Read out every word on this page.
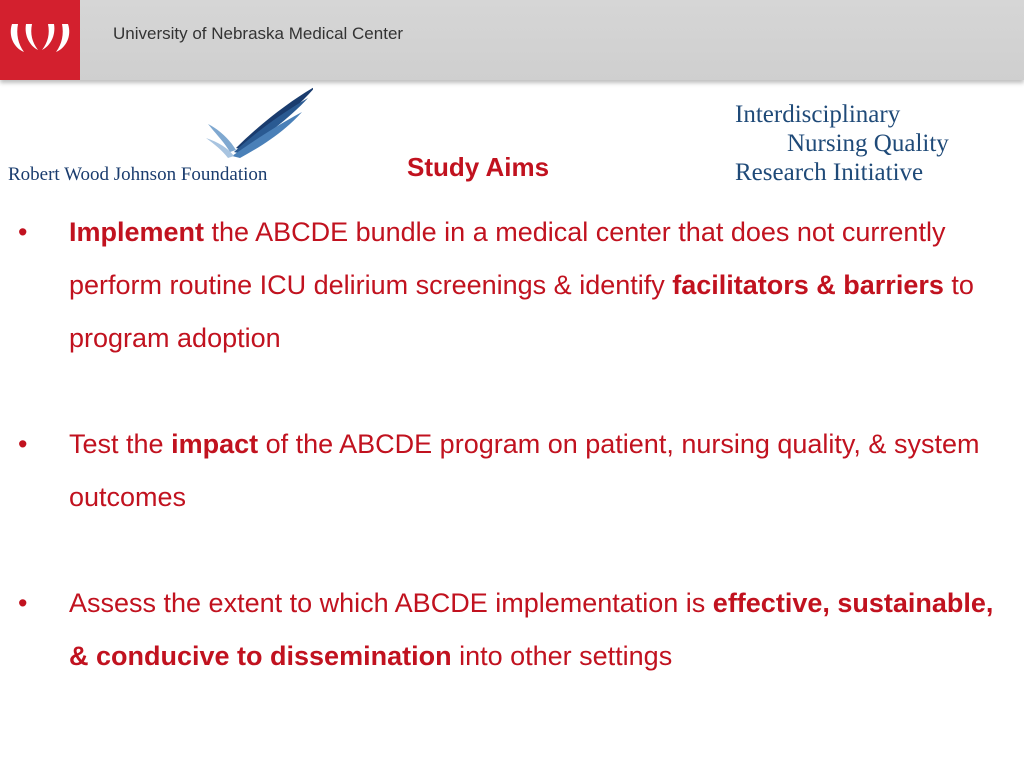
University of Nebraska Medical Center
Robert Wood Johnson Foundation
Interdisciplinary
Nursing Quality
Research Initiative
Study Aims
• Implement the ABCDE bundle in a medical center that does not currently perform routine ICU delirium screenings & identify facilitators & barriers to program adoption
• Test the impact of the ABCDE program on patient, nursing quality, & system outcomes
• Assess the extent to which ABCDE implementation is effective, sustainable, & conducive to dissemination into other settings
